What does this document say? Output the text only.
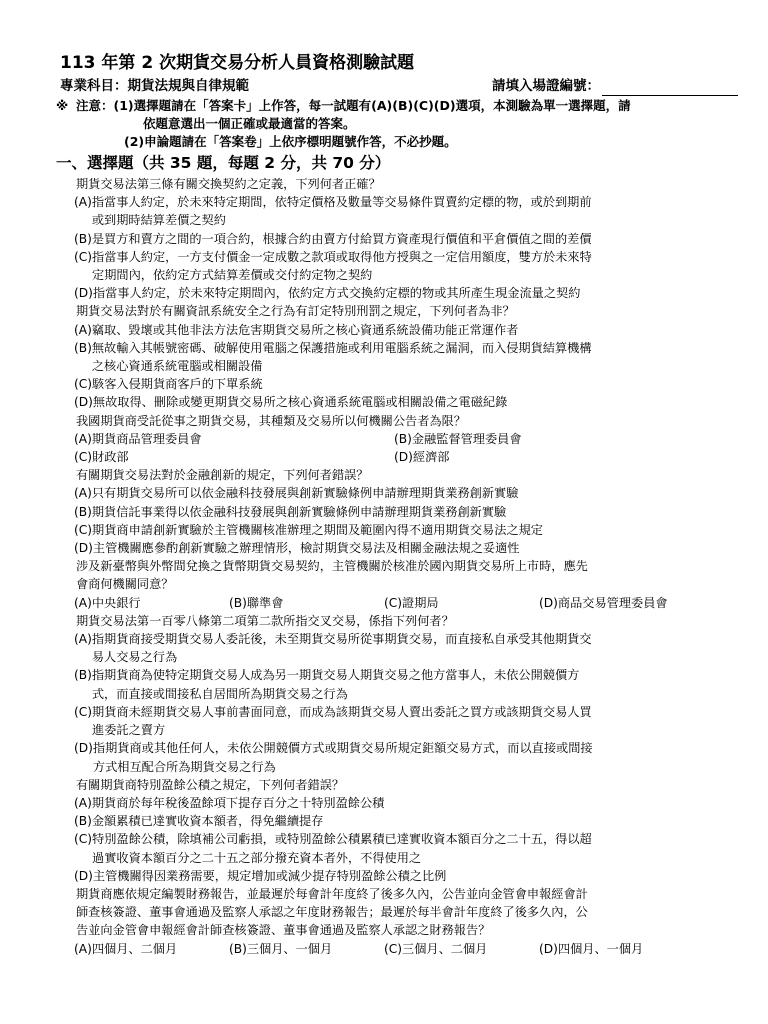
113 年第 2 次期貨交易分析人員資格測驗試題
專業科目：期貨法規與自律規範	請填入場證編號：
※ 注意： (1)選擇題請在「答案卡」上作答，每一試題有(A)(B)(C)(D)選項，本測驗為單一選擇題，請
依題意選出一個正確或最適當的答案。
(2)申論題請在「答案卷」上依序標明題號作答，不必抄題。
一、選擇題（共 35 題，每題 2 分，共 70 分）
期貨交易法第三條有關交換契約之定義，下列何者正確？
(A) 指當事人約定，於未來特定期間，依特定價格及數量等交易條件買賣約定標的物，或於到期前
或到期時結算差價之契約
(B) 是買方和賣方之間的一項合約，根據合約由賣方付給買方資產現行價值和平倉價值之間的差價
(C) 指當事人約定，一方支付價金一定成數之款項或取得他方授與之一定信用額度，雙方於未來特
定期間內，依約定方式結算差價或交付約定物之契約
(D) 指當事人約定，於未來特定期間內，依約定方式交換約定標的物或其所產生現金流量之契約
期貨交易法對於有關資訊系統安全之行為有訂定特別刑罰之規定，下列何者為非？
(A) 竊取、毀壞或其他非法方法危害期貨交易所之核心資通系統設備功能正常運作者
(B) 無故輸入其帳號密碼、破解使用電腦之保護措施或利用電腦系統之漏洞，而入侵期貨結算機構
之核心資通系統電腦或相關設備
(C) 駭客入侵期貨商客戶的下單系統
(D) 無故取得、刪除或變更期貨交易所之核心資通系統電腦或相關設備之電磁紀錄
我國期貨商受託從事之期貨交易，其種類及交易所以何機關公告者為限？
(A) 期貨商品管理委員會	(B) 金融監督管理委員會
(C) 財政部	(D) 經濟部
有關期貨交易法對於金融創新的規定，下列何者錯誤？
(A) 只有期貨交易所可以依金融科技發展與創新實驗條例申請辦理期貨業務創新實驗
(B) 期貨信託事業得以依金融科技發展與創新實驗條例申請辦理期貨業務創新實驗
(C) 期貨商申請創新實驗於主管機關核准辦理之期間及範圍內得不適用期貨交易法之規定
(D) 主管機關應參酌創新實驗之辦理情形，檢討期貨交易法及相關金融法規之妥適性
涉及新臺幣與外幣間兌換之貨幣期貨交易契約，主管機關於核准於國內期貨交易所上市時，應先
會商何機關同意？
(A) 中央銀行	(B) 聯準會	(C) 證期局	(D) 商品交易管理委員會
期貨交易法第一百零八條第二項第二款所指交叉交易，係指下列何者？
(A) 指期貨商接受期貨交易人委託後，未至期貨交易所從事期貨交易，而直接私自承受其他期貨交
易人交易之行為
(B) 指期貨商為使特定期貨交易人成為另一期貨交易人期貨交易之他方當事人，未依公開競價方
式，而直接或間接私自居間所為期貨交易之行為
(C) 期貨商未經期貨交易人事前書面同意，而成為該期貨交易人賣出委託之買方或該期貨交易人買
進委託之賣方
(D) 指期貨商或其他任何人，未依公開競價方式或期貨交易所規定鉅額交易方式，而以直接或間接
方式相互配合所為期貨交易之行為
有關期貨商特別盈餘公積之規定，下列何者錯誤？
(A) 期貨商於每年稅後盈餘項下提存百分之十特別盈餘公積
(B) 金額累積已達實收資本額者，得免繼續提存
(C) 特別盈餘公積，除填補公司虧損，或特別盈餘公積累積已達實收資本額百分之二十五，得以超
過實收資本額百分之二十五之部分撥充資本者外，不得使用之
(D) 主管機關得因業務需要，規定增加或減少提存特別盈餘公積之比例
期貨商應依規定編製財務報告，並最遲於每會計年度終了後多久內，公告並向金管會申報經會計
師查核簽證、董事會通過及監察人承認之年度財務報告；最遲於每半會計年度終了後多久內，公
告並向金管會申報經會計師查核簽證、董事會通過及監察人承認之財務報告？
(A) 四個月、二個月	(B) 三個月、一個月	(C) 三個月、二個月	(D) 四個月、一個月
